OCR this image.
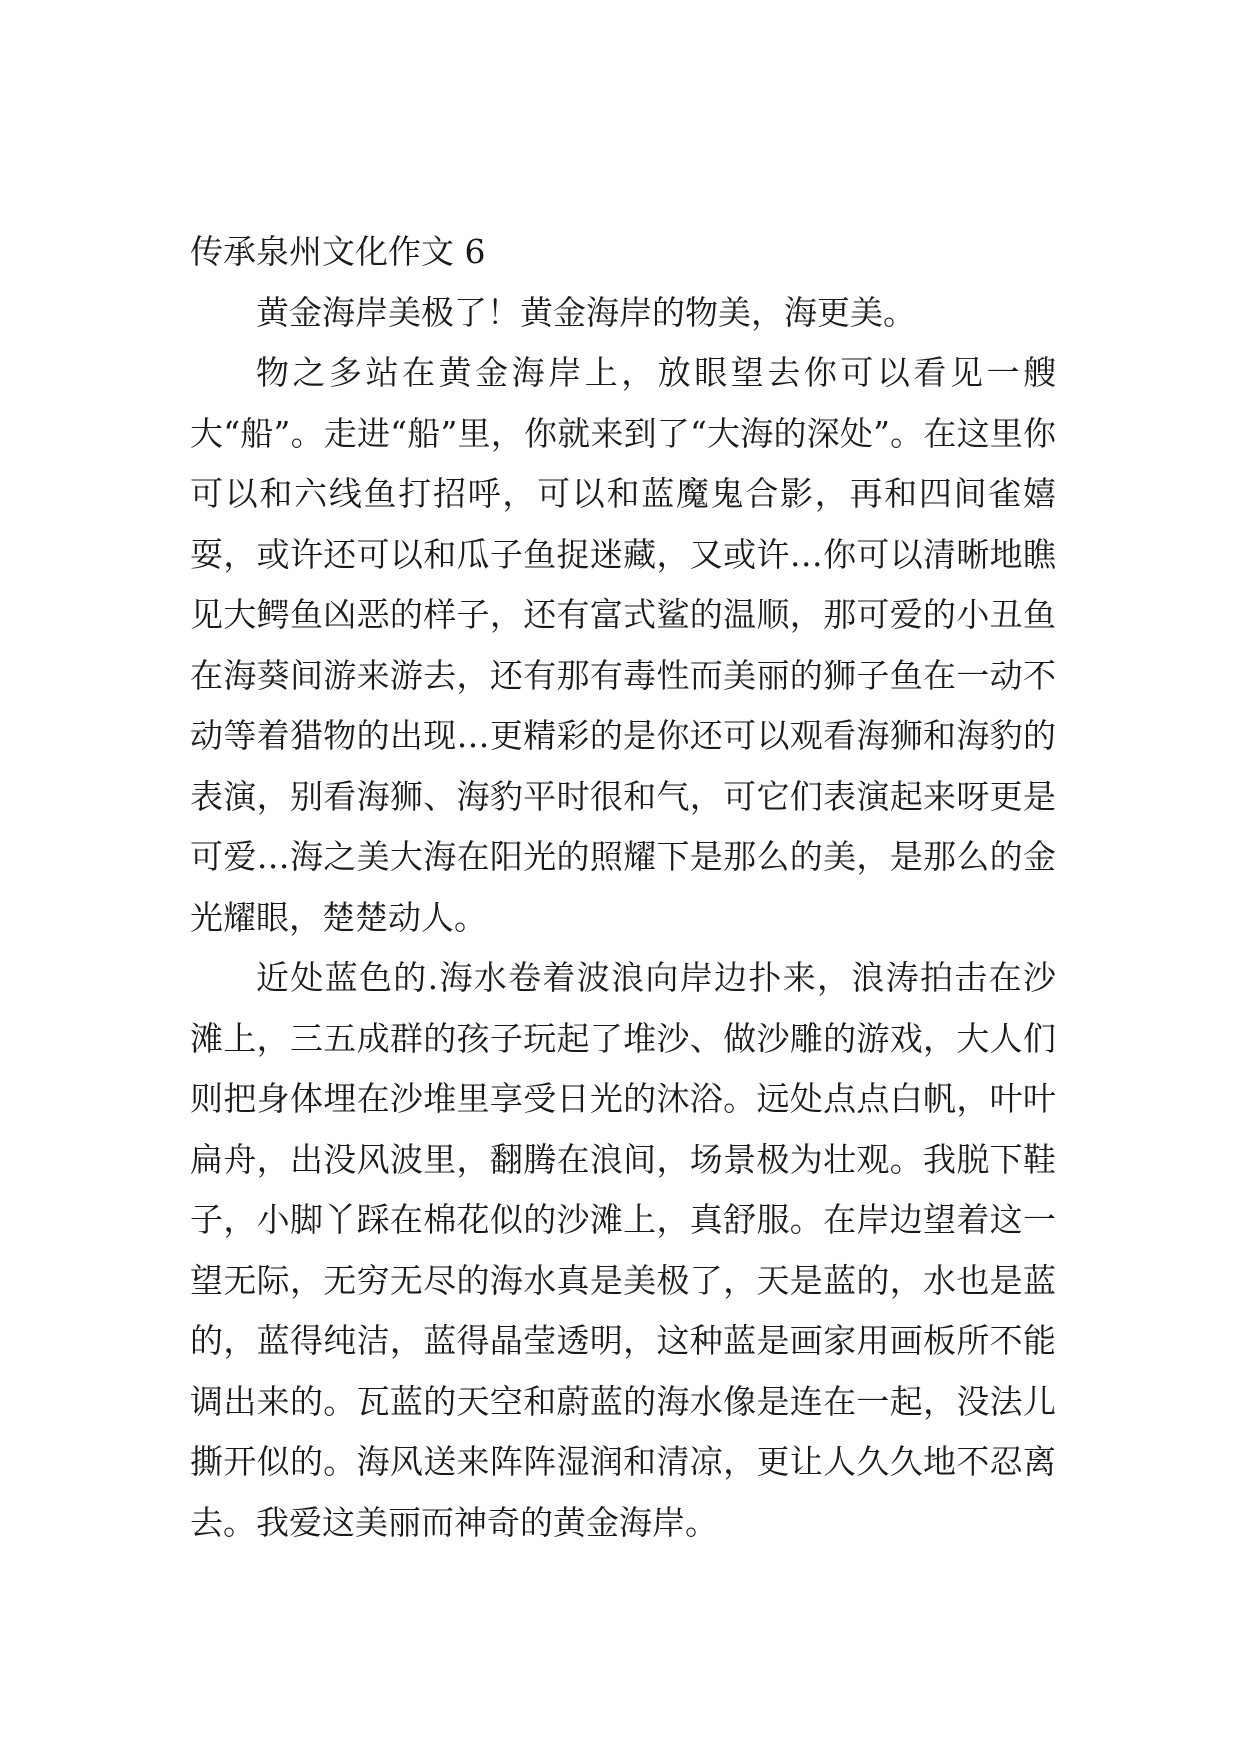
传承泉州文化作文 6

黄金海岸美极了！黄金海岸的物美，海更美。

物之多站在黄金海岸上，放眼望去你可以看见一艘大“船”。走进“船”里，你就来到了“大海的深处”。在这里你可以和六线鱼打招呼，可以和蓝魔鬼合影，再和四间雀嬉耍，或许还可以和瓜子鱼捉迷藏，又或许…你可以清晰地瞧见大鳄鱼凶恶的样子，还有富式鲨的温顺，那可爱的小丑鱼在海葵间游来游去，还有那有毒性而美丽的狮子鱼在一动不动等着猎物的出现…更精彩的是你还可以观看海狮和海豹的表演，别看海狮、海豹平时很和气，可它们表演起来呀更是可爱…海之美大海在阳光的照耀下是那么的美，是那么的金光耀眼，楚楚动人。

近处蓝色的.海水卷着波浪向岸边扑来，浪涛拍击在沙滩上，三五成群的孩子玩起了堆沙、做沙雕的游戏，大人们则把身体埋在沙堆里享受日光的沐浴。远处点点白帆，叶叶扁舟，出没风波里，翻腾在浪间，场景极为壮观。我脱下鞋子，小脚丫踩在棉花似的沙滩上，真舒服。在岸边望着这一望无际，无穷无尽的海水真是美极了，天是蓝的，水也是蓝的，蓝得纯洁，蓝得晶莹透明，这种蓝是画家用画板所不能调出来的。瓦蓝的天空和蔚蓝的海水像是连在一起，没法儿撕开似的。海风送来阵阵湿润和清凉，更让人久久地不忍离去。我爱这美丽而神奇的黄金海岸。
